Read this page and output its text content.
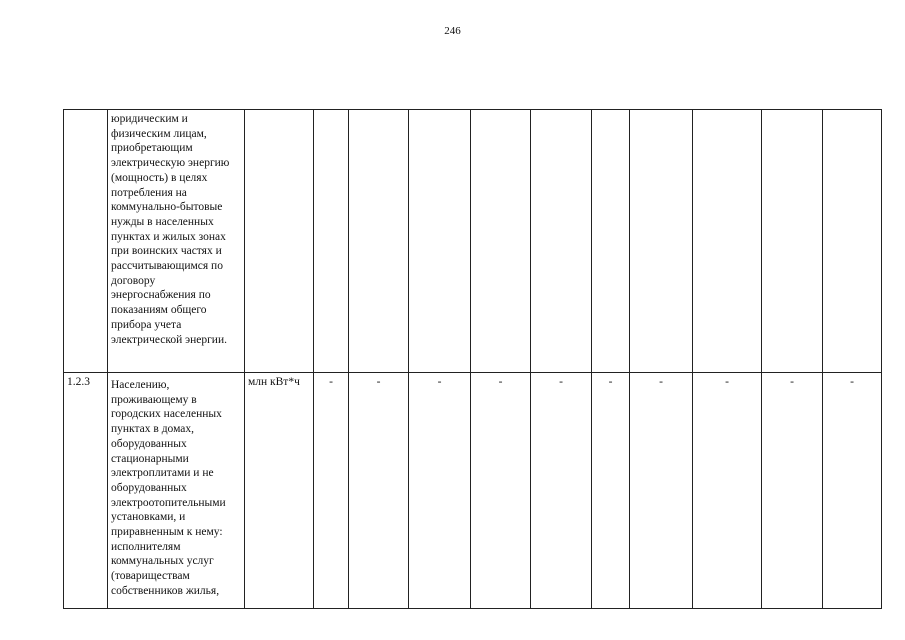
246
	юридическим и физическим лицам, приобретающим электрическую энергию (мощность) в целях потребления на коммунально-бытовые нужды в населенных пунктах и жилых зонах при воинских частях и рассчитывающимся по договору энергоснабжения по показаниям общего прибора учета электрической энергии.											
1.2.3	Населению, проживающему в городских населенных пунктах в домах, оборудованных стационарными электроплитами и не оборудованных электроотопительными установками, и приравненным к нему: исполнителям коммунальных услуг (товариществам собственников жилья,	млн кВт*ч	-	-	-	-	-	-	-	-	-	-
